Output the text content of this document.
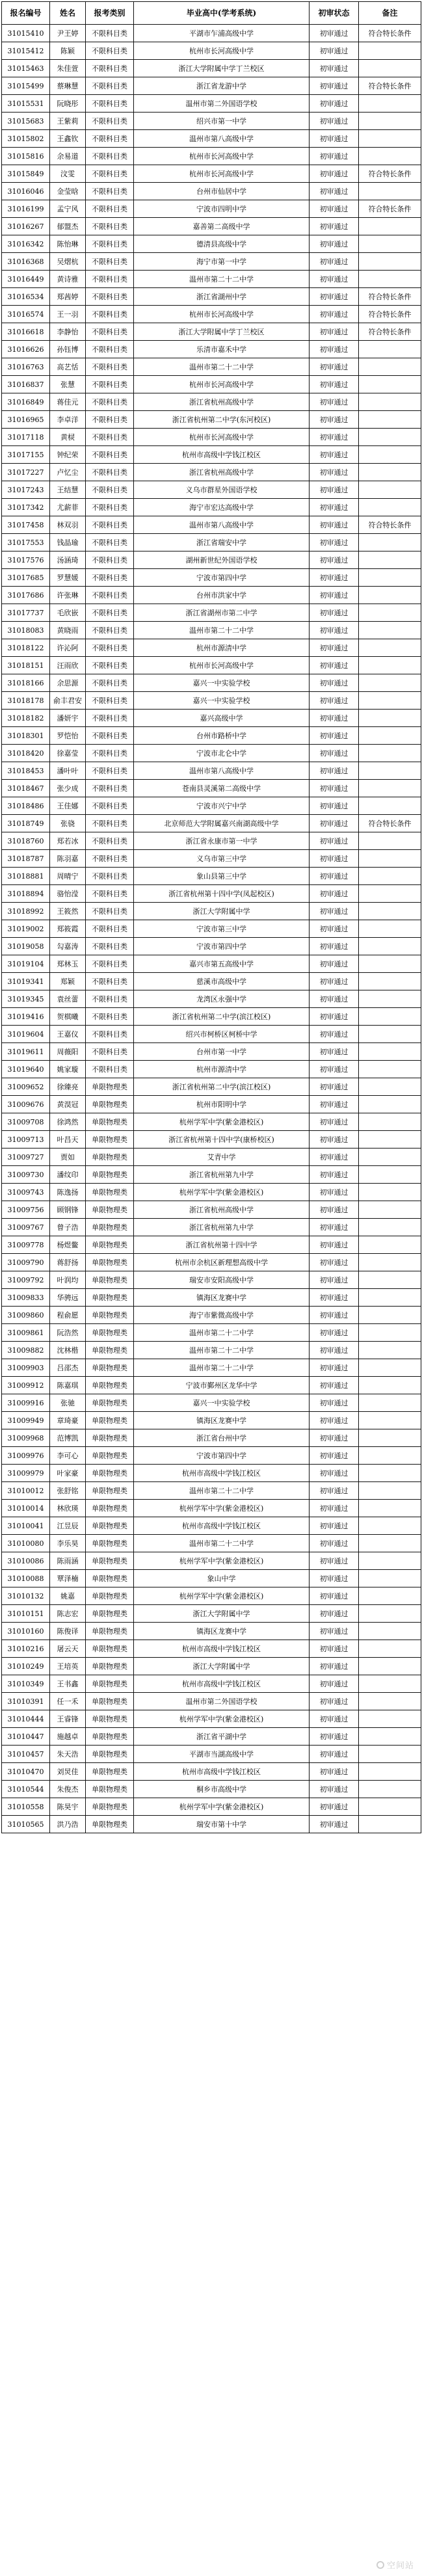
报名编号	姓名	报考类别	毕业高中(学考系统)	初审状态	备注
31015410	尹王婷	不限科目类	平湖市乍浦高级中学	初审通过	符合特长条件
31015412	陈颖	不限科目类	杭州市长河高级中学	初审通过	
31015463	朱佳萱	不限科目类	浙江大学附属中学丁兰校区	初审通过	
31015499	蔡琳慧	不限科目类	浙江省龙游中学	初审通过	符合特长条件
31015531	阮晓彤	不限科目类	温州市第二外国语学校	初审通过	
31015683	王紫莉	不限科目类	绍兴市第一中学	初审通过	
31015802	王鑫钦	不限科目类	温州市第八高级中学	初审通过	
31015816	余易道	不限科目类	杭州市长河高级中学	初审通过	
31015849	汶雯	不限科目类	杭州市长河高级中学	初审通过	符合特长条件
31016046	金莹晗	不限科目类	台州市仙居中学	初审通过	
31016199	孟宁风	不限科目类	宁波市四明中学	初审通过	符合特长条件
31016267	郁盟杰	不限科目类	嘉善第二高级中学	初审通过	
31016342	陈怡琳	不限科目类	德清县高级中学	初审通过	
31016368	吴熠杭	不限科目类	海宁市第一中学	初审通过	
31016449	黄诗雅	不限科目类	温州市第二十二中学	初审通过	
31016534	郑茜婷	不限科目类	浙江省湖州中学	初审通过	符合特长条件
31016574	王一羽	不限科目类	杭州市长河高级中学	初审通过	符合特长条件
31016618	李静怡	不限科目类	浙江大学附属中学丁兰校区	初审通过	符合特长条件
31016626	孙钰博	不限科目类	乐清市嘉禾中学	初审通过	
31016763	高艺恬	不限科目类	温州市第二十二中学	初审通过	
31016837	张慧	不限科目类	杭州市长河高级中学	初审通过	
31016849	蒋佳元	不限科目类	浙江省杭州高级中学	初审通过	
31016965	李卓洋	不限科目类	浙江省杭州第二中学(东河校区)	初审通过	
31017118	黄棂	不限科目类	杭州市长河高级中学	初审通过	
31017155	钟纪荣	不限科目类	杭州市高级中学钱江校区	初审通过	
31017227	卢忆尘	不限科目类	浙江省杭州高级中学	初审通过	
31017243	王结慧	不限科目类	义乌市群星外国语学校	初审通过	
31017342	尤薪菲	不限科目类	海宁市宏达高级中学	初审通过	
31017458	林双羽	不限科目类	温州市第八高级中学	初审通过	符合特长条件
31017553	钱晶瑜	不限科目类	浙江省瑞安中学	初审通过	
31017576	汤涵琦	不限科目类	湖州新世纪外国语学校	初审通过	
31017685	罗慧媛	不限科目类	宁波市第四中学	初审通过	
31017686	许张琳	不限科目类	台州市洪家中学	初审通过	
31017737	毛欣嵌	不限科目类	浙江省湖州市第二中学	初审通过	
31018083	黄晓雨	不限科目类	温州市第二十二中学	初审通过	
31018122	许沁阿	不限科目类	杭州市源清中学	初审通过	
31018151	汪雨欣	不限科目类	杭州市长河高级中学	初审通过	
31018166	余思源	不限科目类	嘉兴一中实验学校	初审通过	
31018178	俞丰君安	不限科目类	嘉兴一中实验学校	初审通过	
31018182	潘妍宇	不限科目类	嘉兴高级中学	初审通过	
31018301	罗恺怡	不限科目类	台州市路桥中学	初审通过	
31018420	徐嘉莹	不限科目类	宁波市北仑中学	初审通过	
31018453	潘叶叶	不限科目类	温州市第八高级中学	初审通过	
31018467	张少成	不限科目类	苍南县灵溪第二高级中学	初审通过	
31018486	王佳娜	不限科目类	宁波市兴宁中学	初审通过	
31018749	张骁	不限科目类	北京师范大学附属嘉兴南湖高级中学	初审通过	符合特长条件
31018760	郑若冰	不限科目类	浙江省永康市第一中学	初审通过	
31018787	陈羽嘉	不限科目类	义乌市第三中学	初审通过	
31018881	周晴宁	不限科目类	象山县第三中学	初审通过	
31018894	骆怡滢	不限科目类	浙江省杭州第十四中学(凤起校区)	初审通过	
31018992	王筱然	不限科目类	浙江大学附属中学	初审通过	
31019002	郑筱霞	不限科目类	宁波市第三中学	初审通过	
31019058	勾嘉涛	不限科目类	宁波市第四中学	初审通过	
31019104	郑林玉	不限科目类	嘉兴市第五高级中学	初审通过	
31019341	郑颖	不限科目类	慈溪市高级中学	初审通过	
31019345	袁丝蕾	不限科目类	龙湾区永强中学	初审通过	
31019416	贺棋曦	不限科目类	浙江省杭州第二中学(滨江校区)	初审通过	
31019604	王嘉仪	不限科目类	绍兴市柯桥区柯桥中学	初审通过	
31019611	周薇阳	不限科目类	台州市第一中学	初审通过	
31019640	姚家璇	不限科目类	杭州市源清中学	初审通过	
31009652	徐臻亮	单限物理类	浙江省杭州第二中学(滨江校区)	初审通过	
31009676	黄淏冠	单限物理类	杭州市阳明中学	初审通过	
31009708	徐鸿然	单限物理类	杭州学军中学(紫金港校区)	初审通过	
31009713	叶昌天	单限物理类	浙江省杭州第十四中学(康桥校区)	初审通过	
31009727	贾如	单限物理类	艾青中学	初审通过	
31009730	潘纹印	单限物理类	浙江省杭州第九中学	初审通过	
31009743	陈逸扬	单限物理类	杭州学军中学(紫金港校区)	初审通过	
31009756	顾钢锋	单限物理类	浙江省杭州高级中学	初审通过	
31009767	曾子浩	单限物理类	浙江省杭州第九中学	初审通过	
31009778	杨煜鳖	单限物理类	浙江省杭州第十四中学	初审通过	
31009790	蒋舒扬	单限物理类	杭州市余杭区新理想高级中学	初审通过	
31009792	叶润均	单限物理类	瑞安市安阳高级中学	初审通过	
31009833	华骋远	单限物理类	镇海区龙赛中学	初审通过	
31009860	程俞愿	单限物理类	海宁市紫微高级中学	初审通过	
31009861	阮浩然	单限物理类	温州市第二十二中学	初审通过	
31009882	沈林楷	单限物理类	温州市第二十二中学	初审通过	
31009903	吕邵杰	单限物理类	温州市第二十二中学	初审通过	
31009912	陈嘉琪	单限物理类	宁波市鄞州区龙华中学	初审通过	
31009916	张驰	单限物理类	嘉兴一中实验学校	初审通过	
31009949	章琦豪	单限物理类	镇海区龙赛中学	初审通过	
31009968	范博凯	单限物理类	浙江省台州中学	初审通过	
31009976	李可心	单限物理类	宁波市第四中学	初审通过	
31009979	叶家豪	单限物理类	杭州市高级中学钱江校区	初审通过	
31010012	张舒铭	单限物理类	温州市第二十二中学	初审通过	
31010014	林欣瑛	单限物理类	杭州学军中学(紫金港校区)	初审通过	
31010041	江昱辰	单限物理类	杭州市高级中学钱江校区	初审通过	
31010080	李乐昊	单限物理类	温州市第二十二中学	初审通过	
31010086	陈雨涵	单限物理类	杭州学军中学(紫金港校区)	初审通过	
31010088	覃泽楠	单限物理类	象山中学	初审通过	
31010132	姚嘉	单限物理类	杭州学军中学(紫金港校区)	初审通过	
31010151	陈志宏	单限物理类	浙江大学附属中学	初审通过	
31010160	陈俊译	单限物理类	镇海区龙赛中学	初审通过	
31010216	屠云天	单限物理类	杭州市高级中学钱江校区	初审通过	
31010249	王培英	单限物理类	浙江大学附属中学	初审通过	
31010349	王书鑫	单限物理类	杭州市高级中学钱江校区	初审通过	
31010391	任一禾	单限物理类	温州市第二外国语学校	初审通过	
31010444	王睿锋	单限物理类	杭州学军中学(紫金港校区)	初审通过	
31010447	施越卓	单限物理类	浙江省平湖中学	初审通过	
31010457	朱天浩	单限物理类	平湖市当湖高级中学	初审通过	
31010470	刘炅佳	单限物理类	杭州市高级中学钱江校区	初审通过	
31010544	朱俊杰	单限物理类	桐乡市高级中学	初审通过	
31010558	陈昊宇	单限物理类	杭州学军中学(紫金港校区)	初审通过	
31010565	洪乃浩	单限物理类	瑞安市第十中学	初审通过	
空间站
